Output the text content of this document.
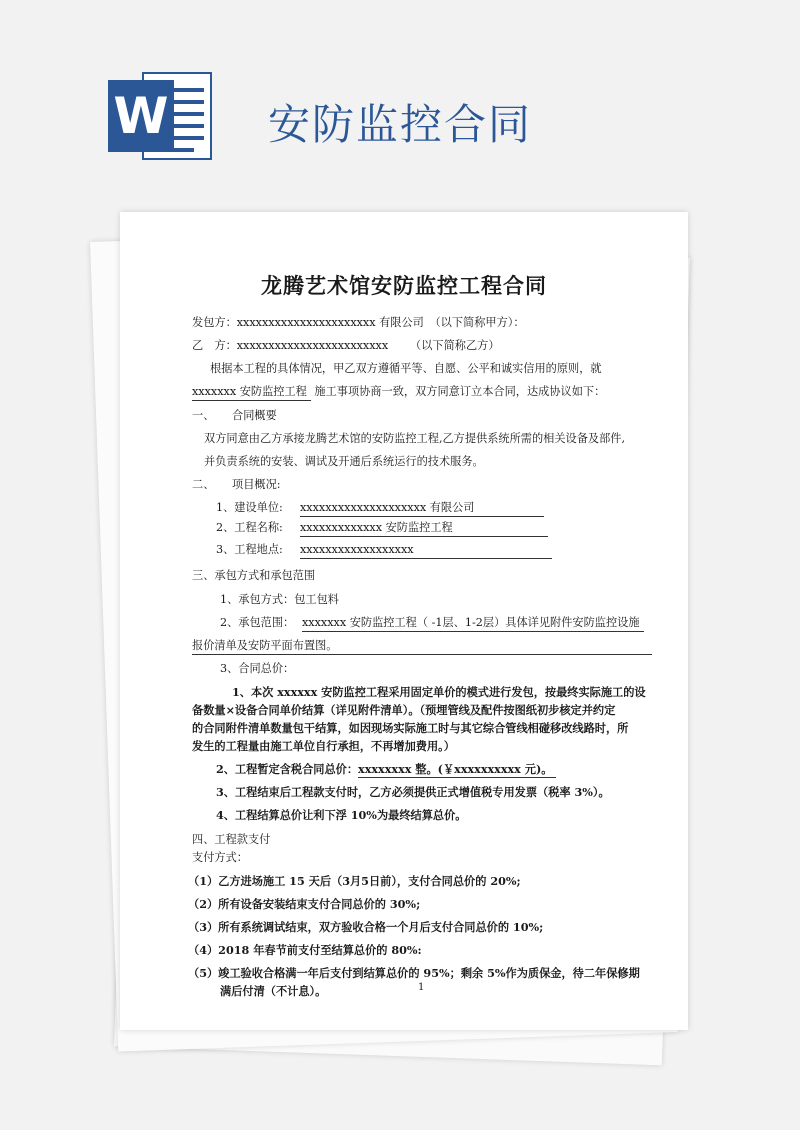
W 安防监控合同
龙腾艺术馆安防监控工程合同
发包方：xxxxxxxxxxxxxxxxxxxxxx 有限公司　（以下简称甲方）：
乙　方：xxxxxxxxxxxxxxxxxxxxxxxx （以下简称乙方）
根据本工程的具体情况，甲乙双方遵循平等、自愿、公平和诚实信用的原则，就
xxxxxxx 安防监控工程 施工事项协商一致，双方同意订立本合同，达成协议如下：
一、 合同概要
双方同意由乙方承接龙腾艺术馆的安防监控工程,乙方提供系统所需的相关设备及部件,
并负责系统的安装、调试及开通后系统运行的技术服务。
二、 项目概况:
1、建设单位: xxxxxxxxxxxxxxxxxxxx 有限公司
2、工程名称: xxxxxxxxxxxxx 安防监控工程
3、工程地点: xxxxxxxxxxxxxxxxxx
三、承包方式和承包范围
1、承包方式：包工包料
2、承包范围： xxxxxxx 安防监控工程（ -1层、1-2层）具体详见附件安防监控设施
报价清单及安防平面布置图。
3、合同总价：
1、本次 xxxxxx 安防监控工程采用固定单价的模式进行发包，按最终实际施工的设
备数量×设备合同单价结算（详见附件清单）。（预埋管线及配件按图纸初步核定并约定
的合同附件清单数量包干结算，如因现场实际施工时与其它综合管线相碰移改线路时，所
发生的工程量由施工单位自行承担，不再增加费用。）
2、工程暂定含税合同总价：xxxxxxxx 整。(￥xxxxxxxxxx 元)。
3、工程结束后工程款支付时，乙方必须提供正式增值税专用发票（税率 3%）。
4、工程结算总价让利下浮 10%为最终结算总价。
四、工程款支付
支付方式：
（1）乙方进场施工 15 天后（3月5日前），支付合同总价的 20%;
（2）所有设备安装结束支付合同总价的 30%;
（3）所有系统调试结束，双方验收合格一个月后支付合同总价的 10%;
（4）2018 年春节前支付至结算总价的 80%:
（5）竣工验收合格满一年后支付到结算总价的 95%；剩余 5%作为质保金，待二年保修期
满后付清（不计息）。	1
